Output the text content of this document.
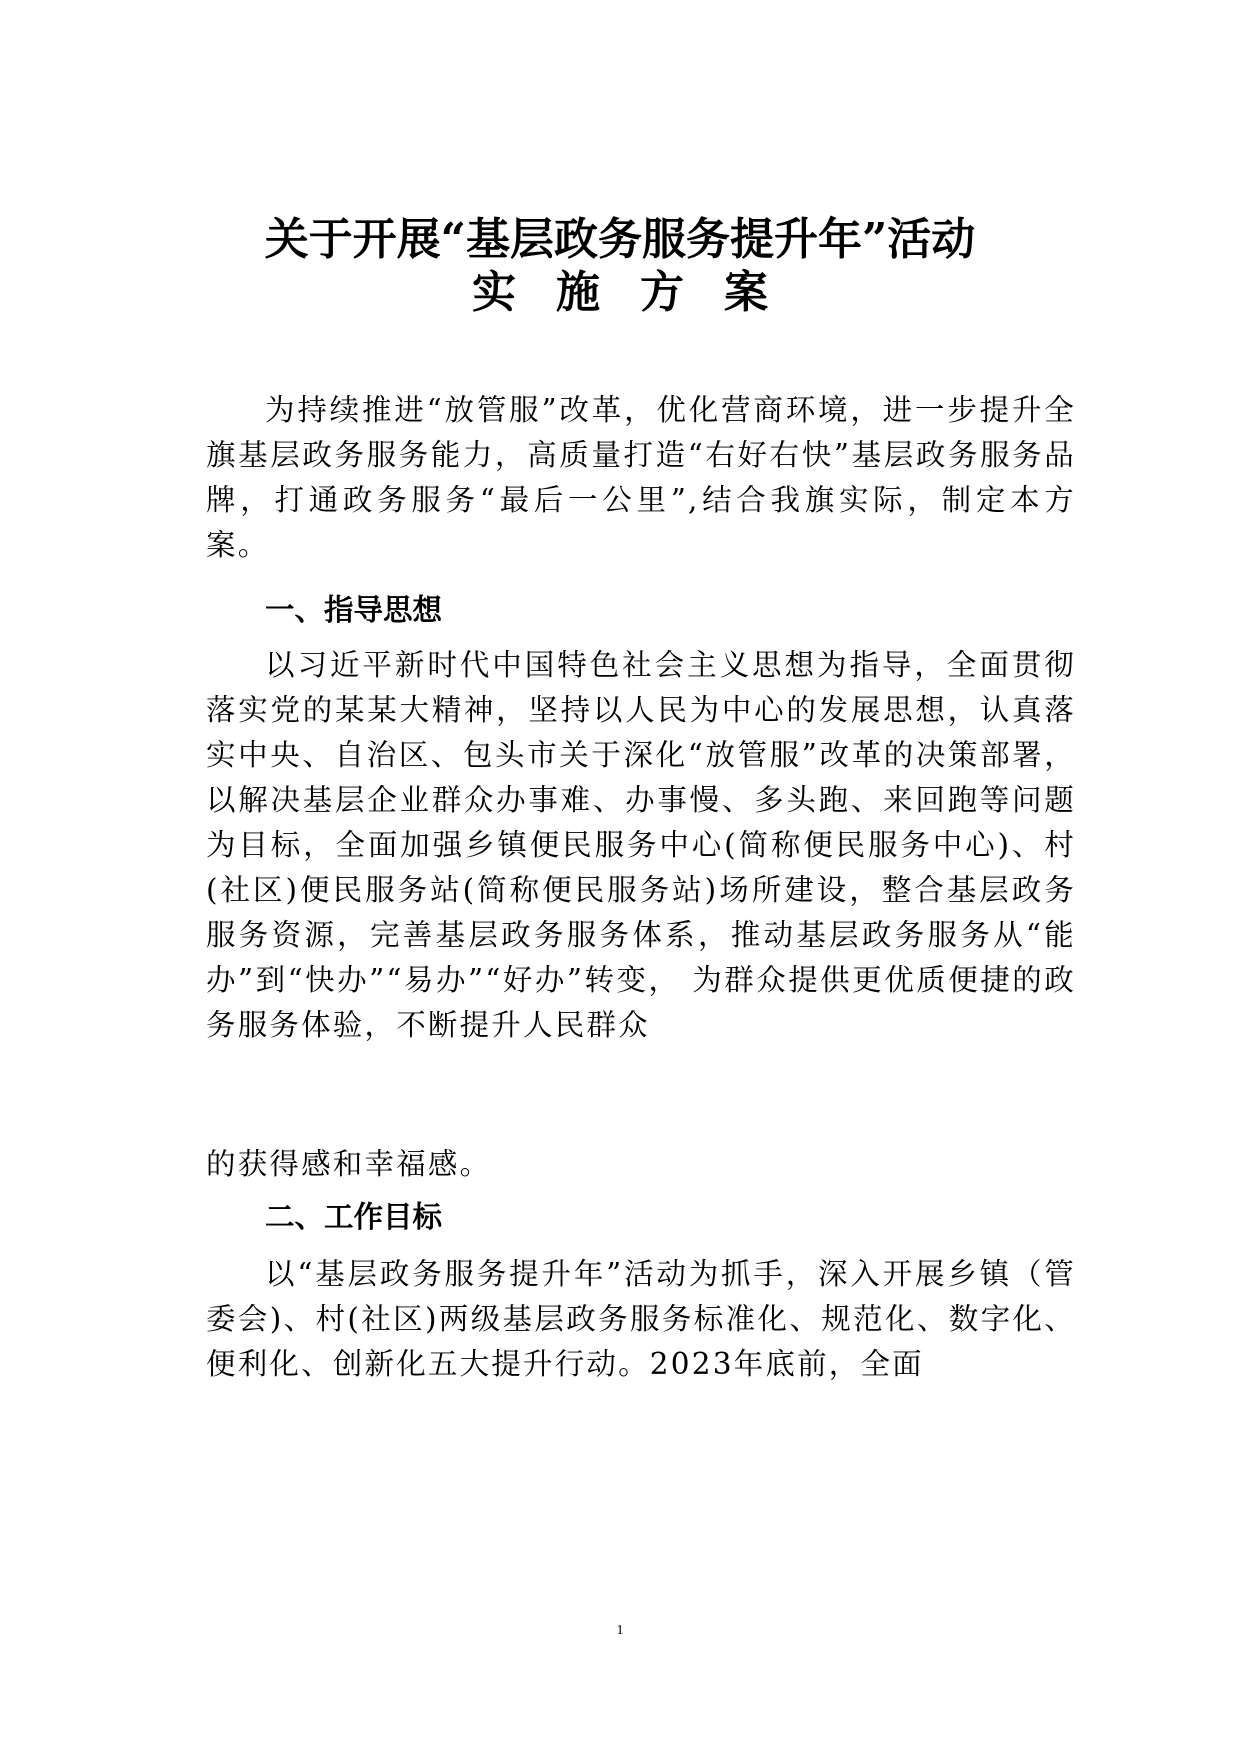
关于开展“基层政务服务提升年”活动
实施方案

为持续推进“放管服”改革，优化营商环境，进一步提升全旗基层政务服务能力，高质量打造“右好右快”基层政务服务品牌，打通政务服务“最后一公里”,结合我旗实际，制定本方案。

一、指导思想

以习近平新时代中国特色社会主义思想为指导，全面贯彻落实党的某某大精神，坚持以人民为中心的发展思想，认真落实中央、自治区、包头市关于深化“放管服”改革的决策部署，以解决基层企业群众办事难、办事慢、多头跑、来回跑等问题为目标，全面加强乡镇便民服务中心(简称便民服务中心)、村(社区)便民服务站(简称便民服务站)场所建设，整合基层政务服务资源，完善基层政务服务体系，推动基层政务服务从“能办”到“快办”“易办”“好办”转变， 为群众提供更优质便捷的政务服务体验，不断提升人民群众

的获得感和幸福感。

二、工作目标

以“基层政务服务提升年”活动为抓手，深入开展乡镇（管委会)、村(社区)两级基层政务服务标准化、规范化、数字化、便利化、创新化五大提升行动。2023年底前，全面

1
